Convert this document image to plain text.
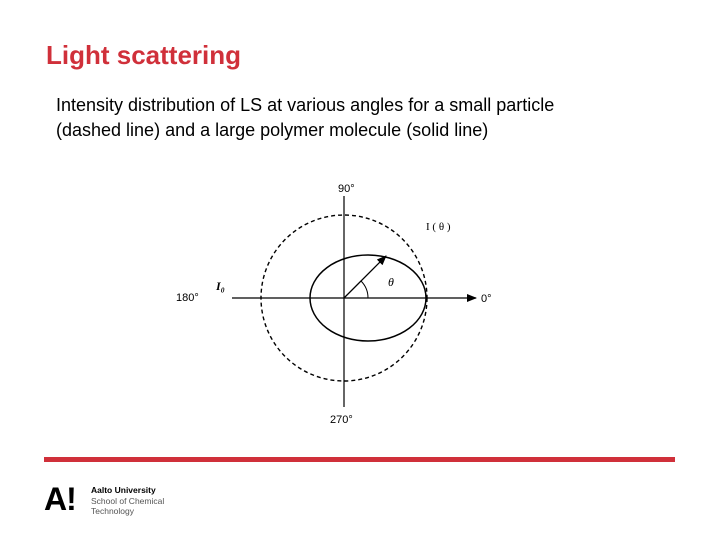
Light scattering
Intensity distribution of LS at various angles for a small particle
(dashed line) and a large polymer molecule (solid line)
90°
180°	0°
270°
I₀
I ( θ )
θ
A! Aalto University
School of Chemical
Technology
